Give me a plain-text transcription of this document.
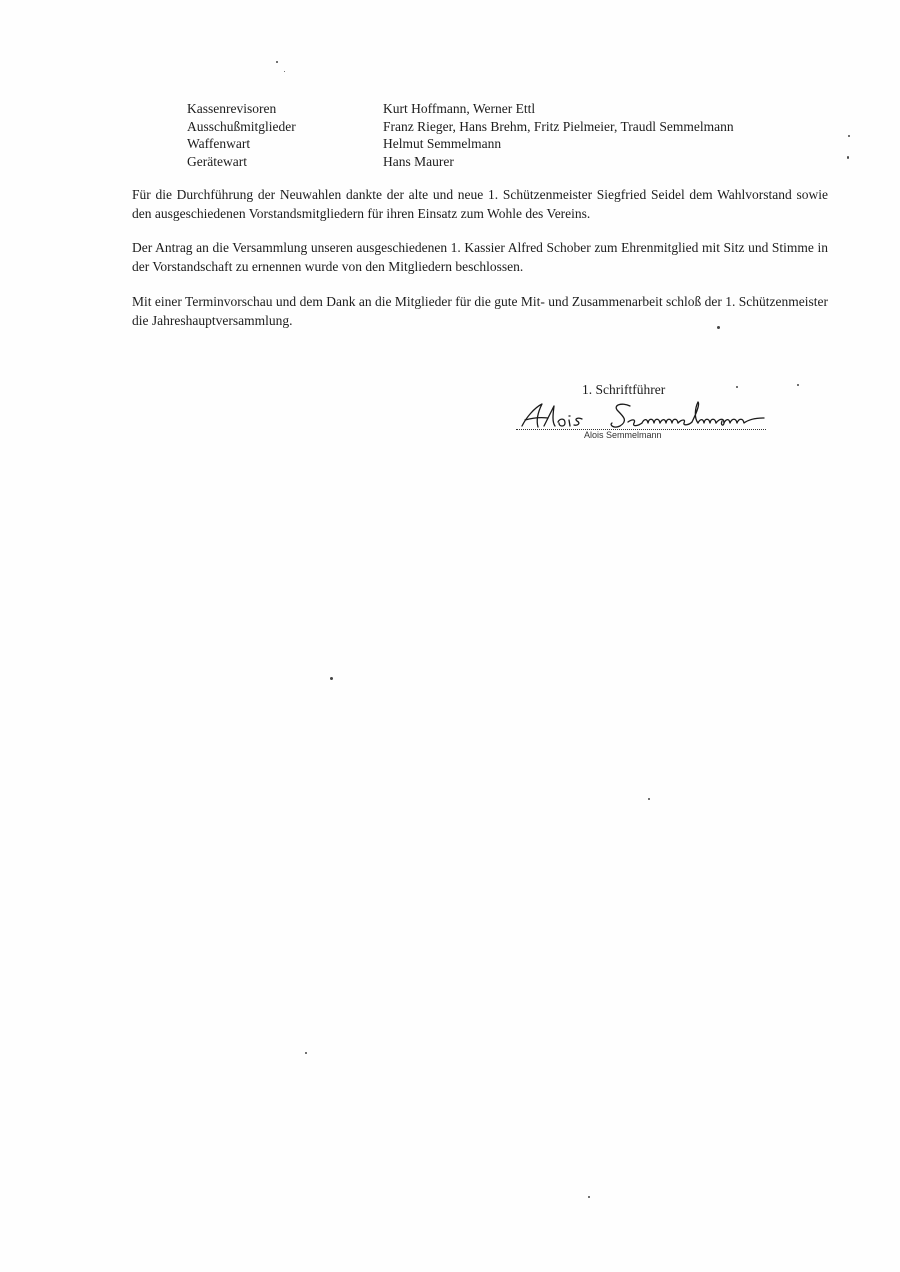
Kassenrevisoren	Kurt Hoffmann, Werner Ettl
Ausschußmitglieder	Franz Rieger, Hans Brehm, Fritz Pielmeier, Traudl Semmelmann
Waffenwart	Helmut Semmelmann
Gerätewart	Hans Maurer

Für die Durchführung der Neuwahlen dankte der alte und neue 1. Schützenmeister Siegfried Seidel dem Wahlvorstand sowie den ausgeschiedenen Vorstandsmitgliedern für ihren Einsatz zum Wohle des Vereins.

Der Antrag an die Versammlung unseren ausgeschiedenen 1. Kassier Alfred Schober zum Ehrenmitglied mit Sitz und Stimme in der Vorstandschaft zu ernennen wurde von den Mitgliedern beschlossen.

Mit einer Terminvorschau und dem Dank an die Mitglieder für die gute Mit- und Zusammenarbeit schloß der 1. Schützenmeister die Jahreshauptversammlung.

1. Schriftführer
Alois Semmelmann
